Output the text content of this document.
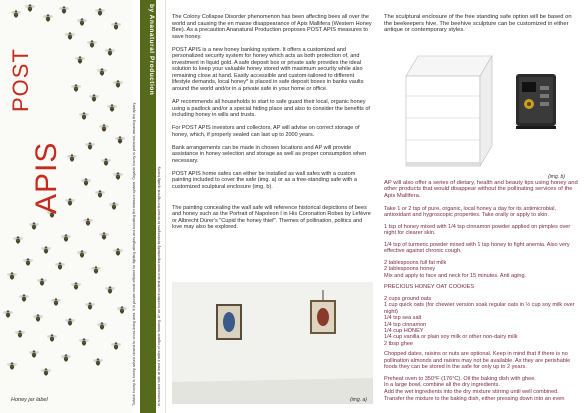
POST
APIS	Turkish honey is honey raised closest to cross-living area. It is proven most efficient for fighting allergies and boosting the immune system. Organic honey is preferred, meaning the apiary
by Ananatural Production
is surrounded with at least 4 miles of organic farming. A* an excellent contest and most importantly beekeepers to ensure the highest quality honey.
Honey jar label

The Colony Collapse Disorder phenomenon has been affecting bees all over the world and causing the en masse disappearance of Apis Mallifera (Western Honey Bee). As a precaution Ananatural Production proposes POST APIS measures to save honey.

POST APIS is a new honey banking system. It offers a customized and personalized security system for honey which acts as both protection of, and investment in liquid gold. A safe deposit box or private safe provides the ideal solution to keep your valuable honey stored with maximum security while also remaining close at hand. Easily accessible and custom-tailored to different lifestyle demands, local honey* is placed in safe deposit boxes in banks vaults around the world and/or in a private safe in your home or office.

AP recommends all households to start to safe guard their local, organic honey using a padlock and/or a special hiding place and also to consider the benefits of including honey in wills and trusts.

For POST APIS investors and collectors, AP will advise on correct storage of honey, which, if properly sealed can last up to 2000 years.

Bank arrangements can be made in chosen locations and AP will provide assistance in honey selection and storage as well as proper consumption when necessary.

POST APIS home safes can either be installed as wall safes with a custom painting included to cover the safe (img. a) or as a free-standing safe with a customized sculptural enclosure (img. b).

The painting concealing the wall safe will reference historical depictions of bees and honey such as the Portrait of Napoleon I in His Coronation Robes by Lefèvre or Albrecht Dürer's "Cupid the honey thief". Themes of pollination, politics and love may also be explored.

(img. a)

The sculptural enclosure of the free standing safe option will be based on the beekeepers hive. The beehive sculpture can be customized in either antique or contemporary styles.

AP will also offer a series of dietary, health and beauty tips using honey and other products that would disappear without the pollinating services of the Apis Mallifera.

Take 1 or 2 tsp of pure, organic, local honey a day for its antimicrobial, antioxidant and hygroscopic properties. Take orally or apply to skin.

1 tsp of honey mixed with 1/4 tsp cinnamon powder applied on pimples over night for clearer skin.

1/4 tsp of turmeric powder mixed with 1 tsp honey to fight anemia. Also very effective against chronic cough.

2 tablespoons full fat milk
2 tablespoons honey
Mix and apply to face and neck for 15 minutes. Anti aging.

PRECIOUS HONEY OAT COOKIES
2 cups ground oats
1 cup quick oats (for chewier version soak regular oats in ½ cup soy milk over night)
1/4 tsp sea salt
1/4 tsp cinnamon
1/4 cup HONEY
1/4 cup vanilla or plain soy milk or other non-dairy milk
2 tbsp ghee

Chopped dates, raisins or nuts are optional. Keep in mind that if there is no pollination almonds and raisins may not be available. As they are perishable foods they can be stored in the safe for only up to 2 years.

Preheat oven to 350°F (176°C). Oil the baking dish with ghee.
In a large bowl, combine all the dry ingredients.
Add the wet ingredients into the dry mixture stirring until well combined.
Transfer the mixture to the baking dish, either pressing down into an even

(img. b)
